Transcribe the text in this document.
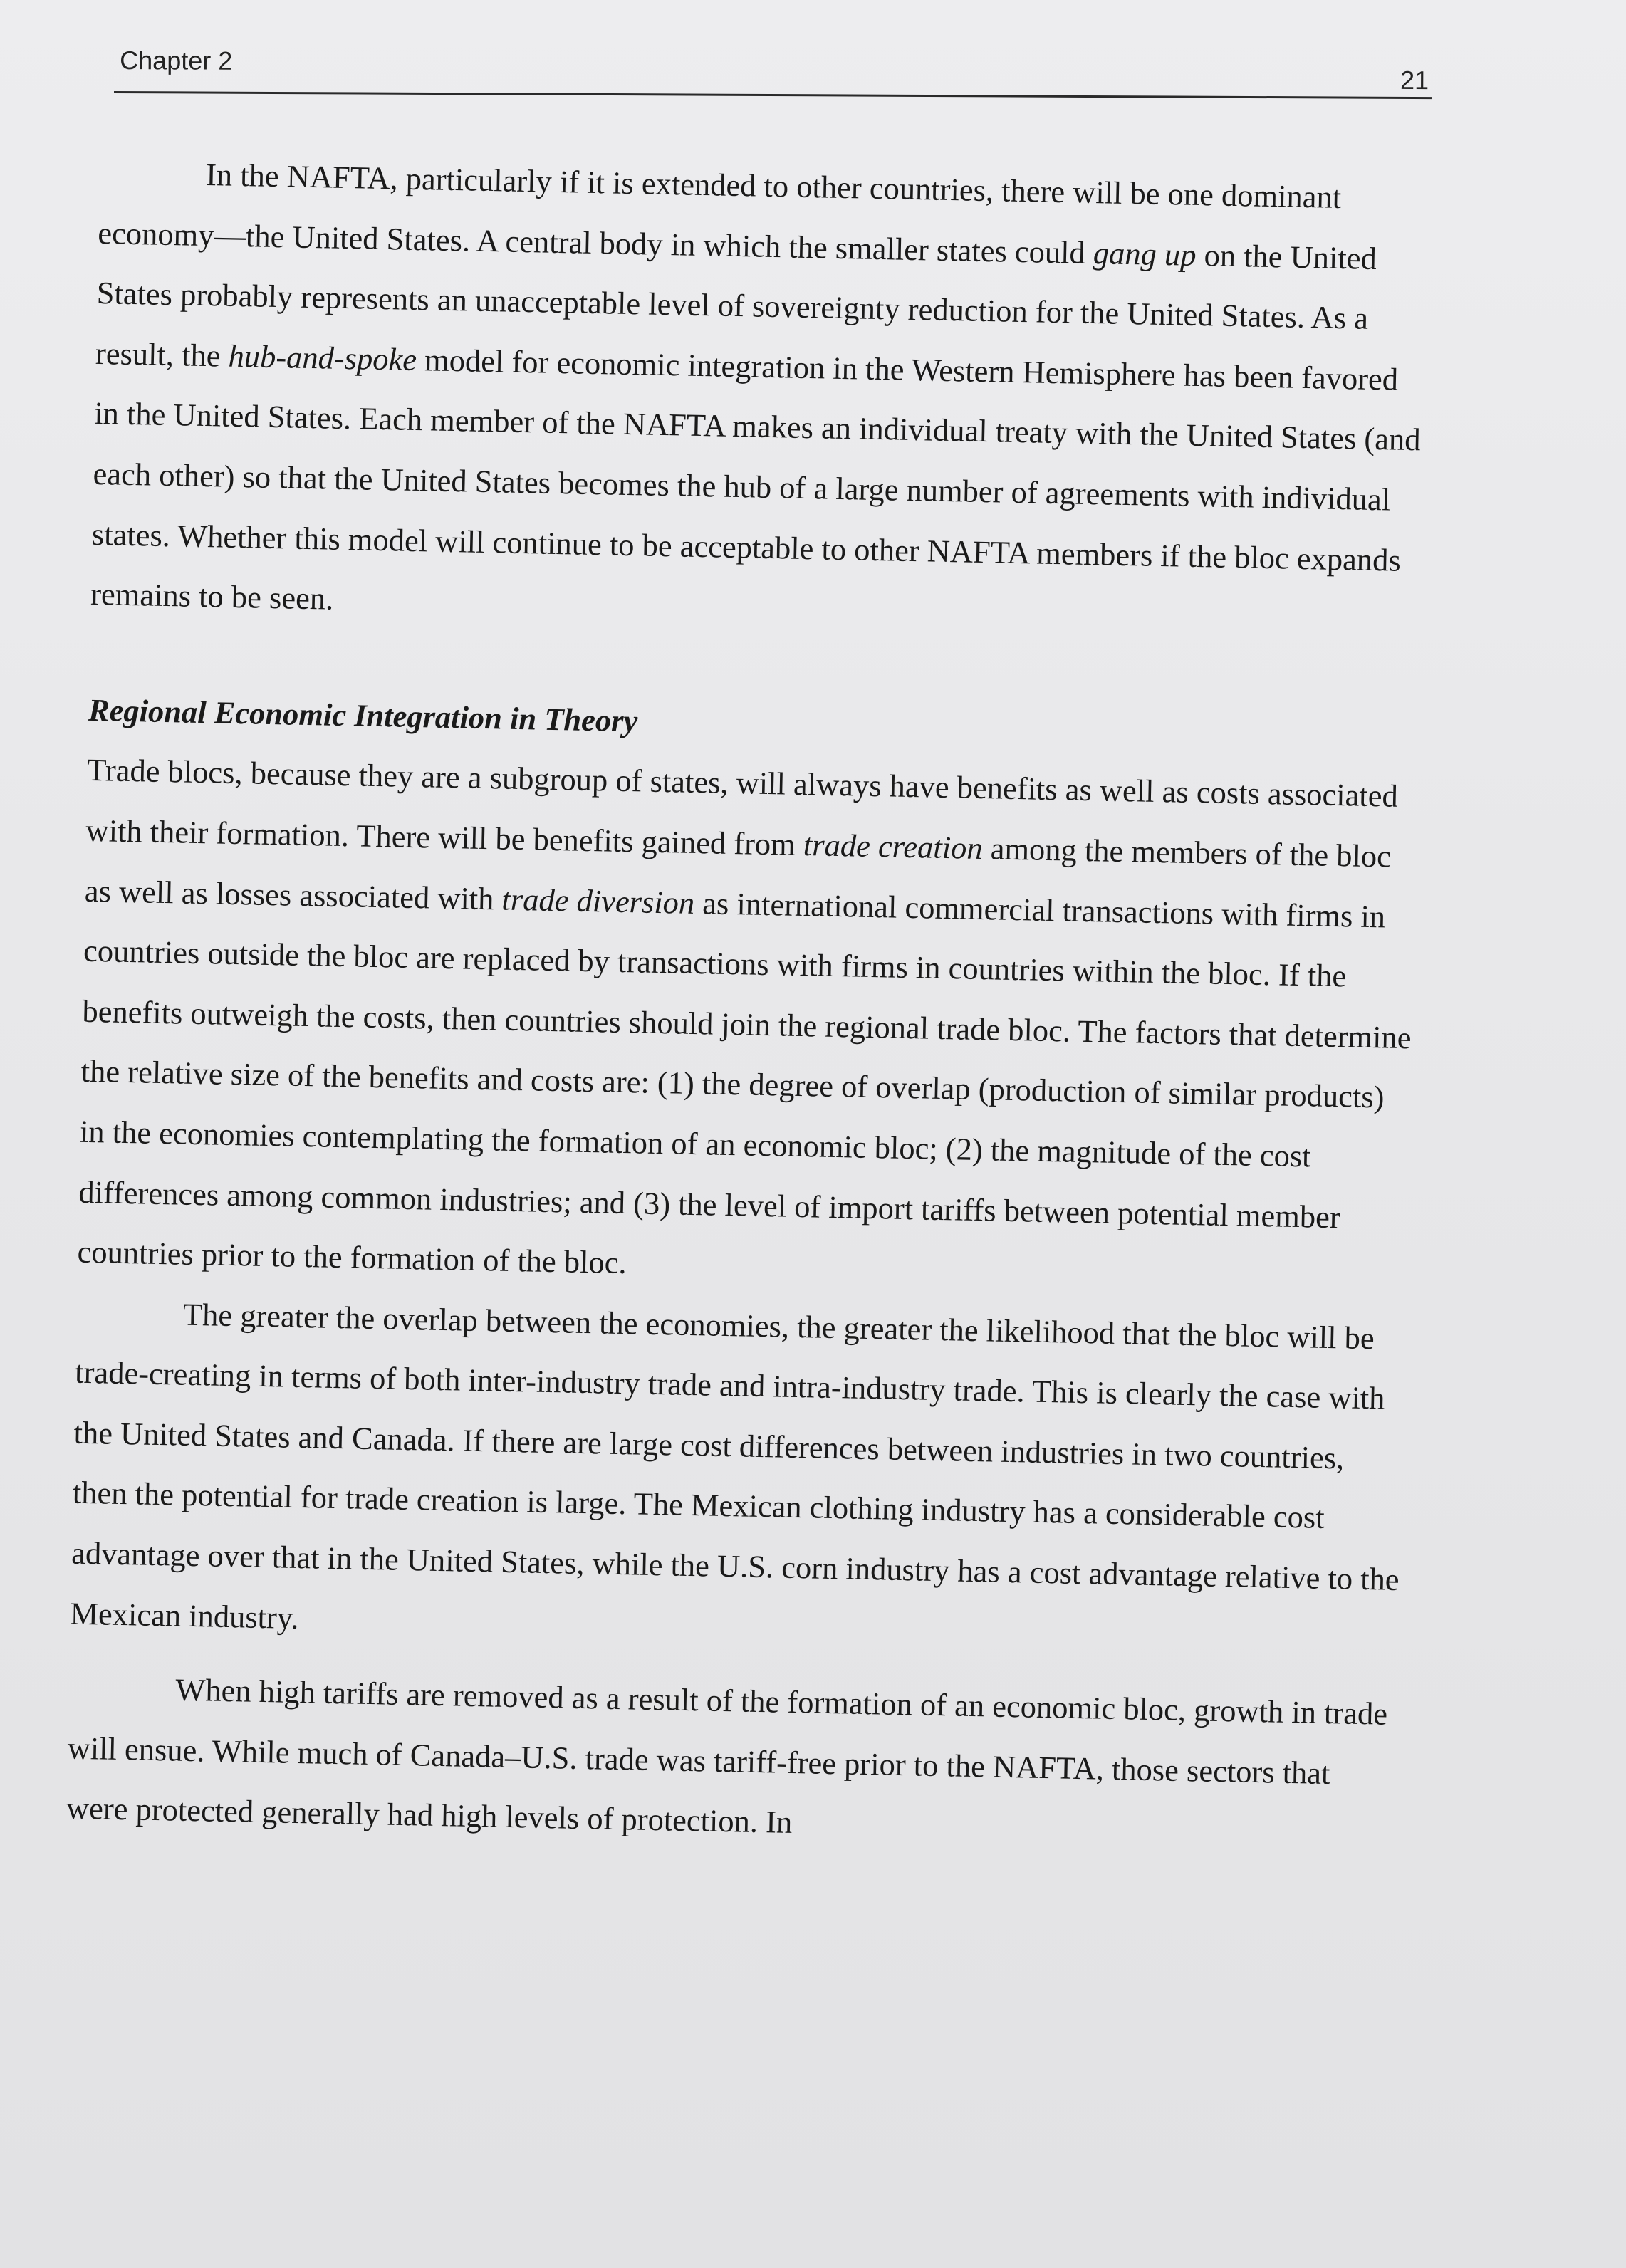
Chapter 2
21

In the NAFTA, particularly if it is extended to other countries, there will be one dominant economy—the United States. A central body in which the smaller states could gang up on the United States probably represents an unacceptable level of sovereignty reduction for the United States. As a result, the hub-and-spoke model for economic integration in the Western Hemisphere has been favored in the United States. Each member of the NAFTA makes an individual treaty with the United States (and each other) so that the United States becomes the hub of a large number of agreements with individual states. Whether this model will continue to be acceptable to other NAFTA members if the bloc expands remains to be seen.

Regional Economic Integration in Theory

Trade blocs, because they are a subgroup of states, will always have benefits as well as costs associated with their formation. There will be benefits gained from trade creation among the members of the bloc as well as losses associated with trade diversion as international commercial transactions with firms in countries outside the bloc are replaced by transactions with firms in countries within the bloc. If the benefits outweigh the costs, then countries should join the regional trade bloc. The factors that determine the relative size of the benefits and costs are: (1) the degree of overlap (production of similar products) in the economies contemplating the formation of an economic bloc; (2) the magnitude of the cost differences among common industries; and (3) the level of import tariffs between potential member countries prior to the formation of the bloc.

The greater the overlap between the economies, the greater the likelihood that the bloc will be trade-creating in terms of both inter-industry trade and intra-industry trade. This is clearly the case with the United States and Canada. If there are large cost differences between industries in two countries, then the potential for trade creation is large. The Mexican clothing industry has a considerable cost advantage over that in the United States, while the U.S. corn industry has a cost advantage relative to the Mexican industry.

When high tariffs are removed as a result of the formation of an economic bloc, growth in trade will ensue. While much of Canada–U.S. trade was tariff-free prior to the NAFTA, those sectors that were protected generally had high levels of protection. In
